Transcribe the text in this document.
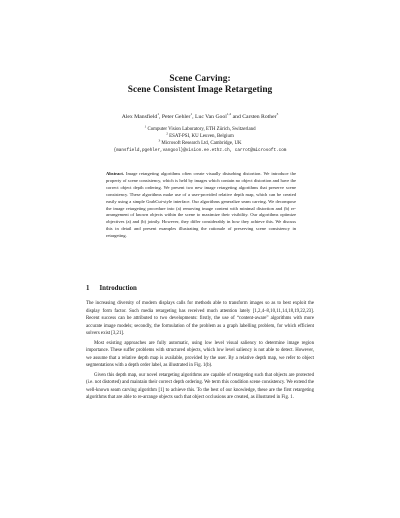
Scene Carving:
Scene Consistent Image Retargeting
Alex Mansfield$^1$, Peter Gehler$^1$, Luc Van Gool$^{1,2}$ and Carsten Rother$^3$
$^1$ Computer Vision Laboratory, ETH Zürich, Switzerland
$^2$ ESAT-PSI, KU Leuven, Belgium
$^3$ Microsoft Research Ltd, Cambridge, UK
{mansfield,pgehler,vangool}@vision.ee.ethz.ch, carrot@microsoft.com
Abstract. Image retargeting algorithms often create visually disturbing distortion. We introduce the property of scene consistency, which is held by images which contain no object distortion and have the correct object depth ordering. We present two new image retargeting algorithms that preserve scene consistency. These algorithms make use of a user-provided relative depth map, which can be created easily using a simple GrabCut-style interface. Our algorithms generalize seam carving. We decompose the image retargeting procedure into (a) removing image content with minimal distortion and (b) re-arrangement of known objects within the scene to maximize their visibility. Our algorithms optimize objectives (a) and (b) jointly. However, they differ considerably in how they achieve this. We discuss this in detail and present examples illustrating the rationale of preserving scene consistency in retargeting.
1 Introduction

The increasing diversity of modern displays calls for methods able to transform images so as to best exploit the display form factor. Such media retargeting has received much attention lately [1,2,4–8,10,11,14,18,19,22,23]. Recent success can be attributed to two developments: firstly, the use of “content-aware” algorithms with more accurate image models; secondly, the formulation of the problem as a graph labelling problem, for which efficient solvers exist [3,21].

Most existing approaches are fully automatic, using low level visual saliency to determine image region importance. These suffer problems with structured objects, which low level saliency is not able to detect. However, we assume that a relative depth map is available, provided by the user. By a relative depth map, we refer to object segmentations with a depth order label, as illustrated in Fig. 1(b).

Given this depth map, our novel retargeting algorithms are capable of retargeting such that objects are protected (i.e. not distorted) and maintain their correct depth ordering. We term this condition scene consistency. We extend the well-known seam carving algorithm [1] to achieve this. To the best of our knowledge, these are the first retargeting algorithms that are able to re-arrange objects such that object occlusions are created, as illustrated in Fig. 1.
